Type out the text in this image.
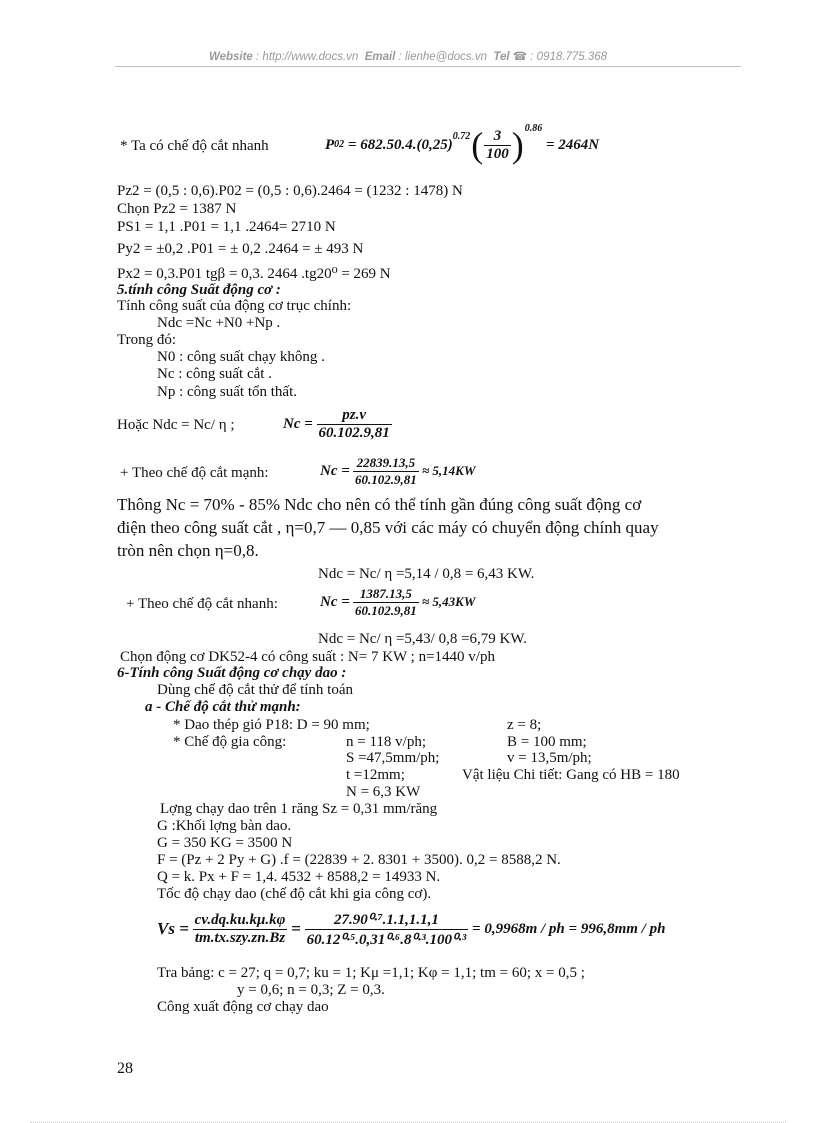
Website : http://www.docs.vn Email : lienhe@docs.vn Tel ☎ : 0918.775.368
* Ta có chế độ cắt nhanh	P 02
= $682.50.4.(0,25)^{0.72}$ ( $\frac{3}{100} )^{0.86}$

= 2464N
Pz2 = (0,5 : 0,6).P02 = (0,5 : 0,6).2464 = (1232 : 1478) N
Chọn Pz2 = 1387 N
PS1 = 1,1 .P01 = 1,1 .2464= 2710 N
Py2 = ±0,2 .P01 = ± 0,2 .2464 = ± 493 N
Px2 = 0,3.P01 tgβ = 0,3. 2464 .tg20⁰ = 269 N
5.tính công Suất động cơ :
Tính công suất của động cơ trục chính:
Ndc =Nc +N0 +Np .
Trong đó:
N0 : công suất chạy không .
Nc : công suất cắt .
Np : công suất tổn thất.
Hoặc Ndc = Nc/ η ;	Nc =
$\frac{pz.v}{60.102.9,81}$
+ Theo chế độ cắt mạnh:	Nc =
$\frac{22839.13,5}{60.102.9,81}$
≈ 5,14KW
Thông Nc = 70% - 85% Ndc cho nên có thể tính gần đúng công suất động cơ
điện theo công suất cắt , η=0,7 — 0,85 với các máy có chuyển động chính quay
tròn nên chọn η=0,8.
Ndc = Nc/ η =5,14 / 0,8 = 6,43 KW.
+ Theo chế độ cắt nhanh:	Nc =
$\frac{1387.13,5}{60.102.9,81}$
≈ 5,43KW
Ndc = Nc/ η =5,43/ 0,8 =6,79 KW.
Chọn động cơ DK52-4 có công suất : N= 7 KW ; n=1440 v/ph
6-Tính công Suất động cơ chạy dao :
Dùng chế độ cắt thử để tính toán
a - Chế độ cắt thử mạnh:
* Dao thép gió P18: D = 90 mm;	z = 8;
* Chế độ gia công:	n = 118 v/ph;	B = 100 mm;
S =47,5mm/ph;	v = 13,5m/ph;
t =12mm;	Vật liệu Chi tiết: Gang có HB = 180
N = 6,3 KW
Lợng chạy dao trên 1 răng Sz = 0,31 mm/răng
G :Khối lợng bàn dao.
G = 350 KG = 3500 N
F = (Pz + 2 Py + G) .f = (22839 + 2. 8301 + 3500). 0,2 = 8588,2 N.
Q = k. Px + F = 1,4. 4532 + 8588,2 = 14933 N.
Tốc độ chạy dao (chế độ cắt khi gia công cơ).
Vs =
$\frac{cv.dq.ku.k\mu.k\varphi}{\text{tm.tx.szy.zn.Bz}}$
=
$\frac{\text{27.90⁰·⁷.1.1,1.1,1}}{\text{60.12⁰·⁵.0,31⁰·⁶.8⁰·³.100⁰·³}}$
= 0,9968m / ph = 996,8mm / ph
Tra bảng: c = 27; q = 0,7; ku = 1; Kμ =1,1; Kφ = 1,1; tm = 60; x = 0,5 ;
y = 0,6; n = 0,3; Z = 0,3.
Công xuất động cơ chạy dao
28
